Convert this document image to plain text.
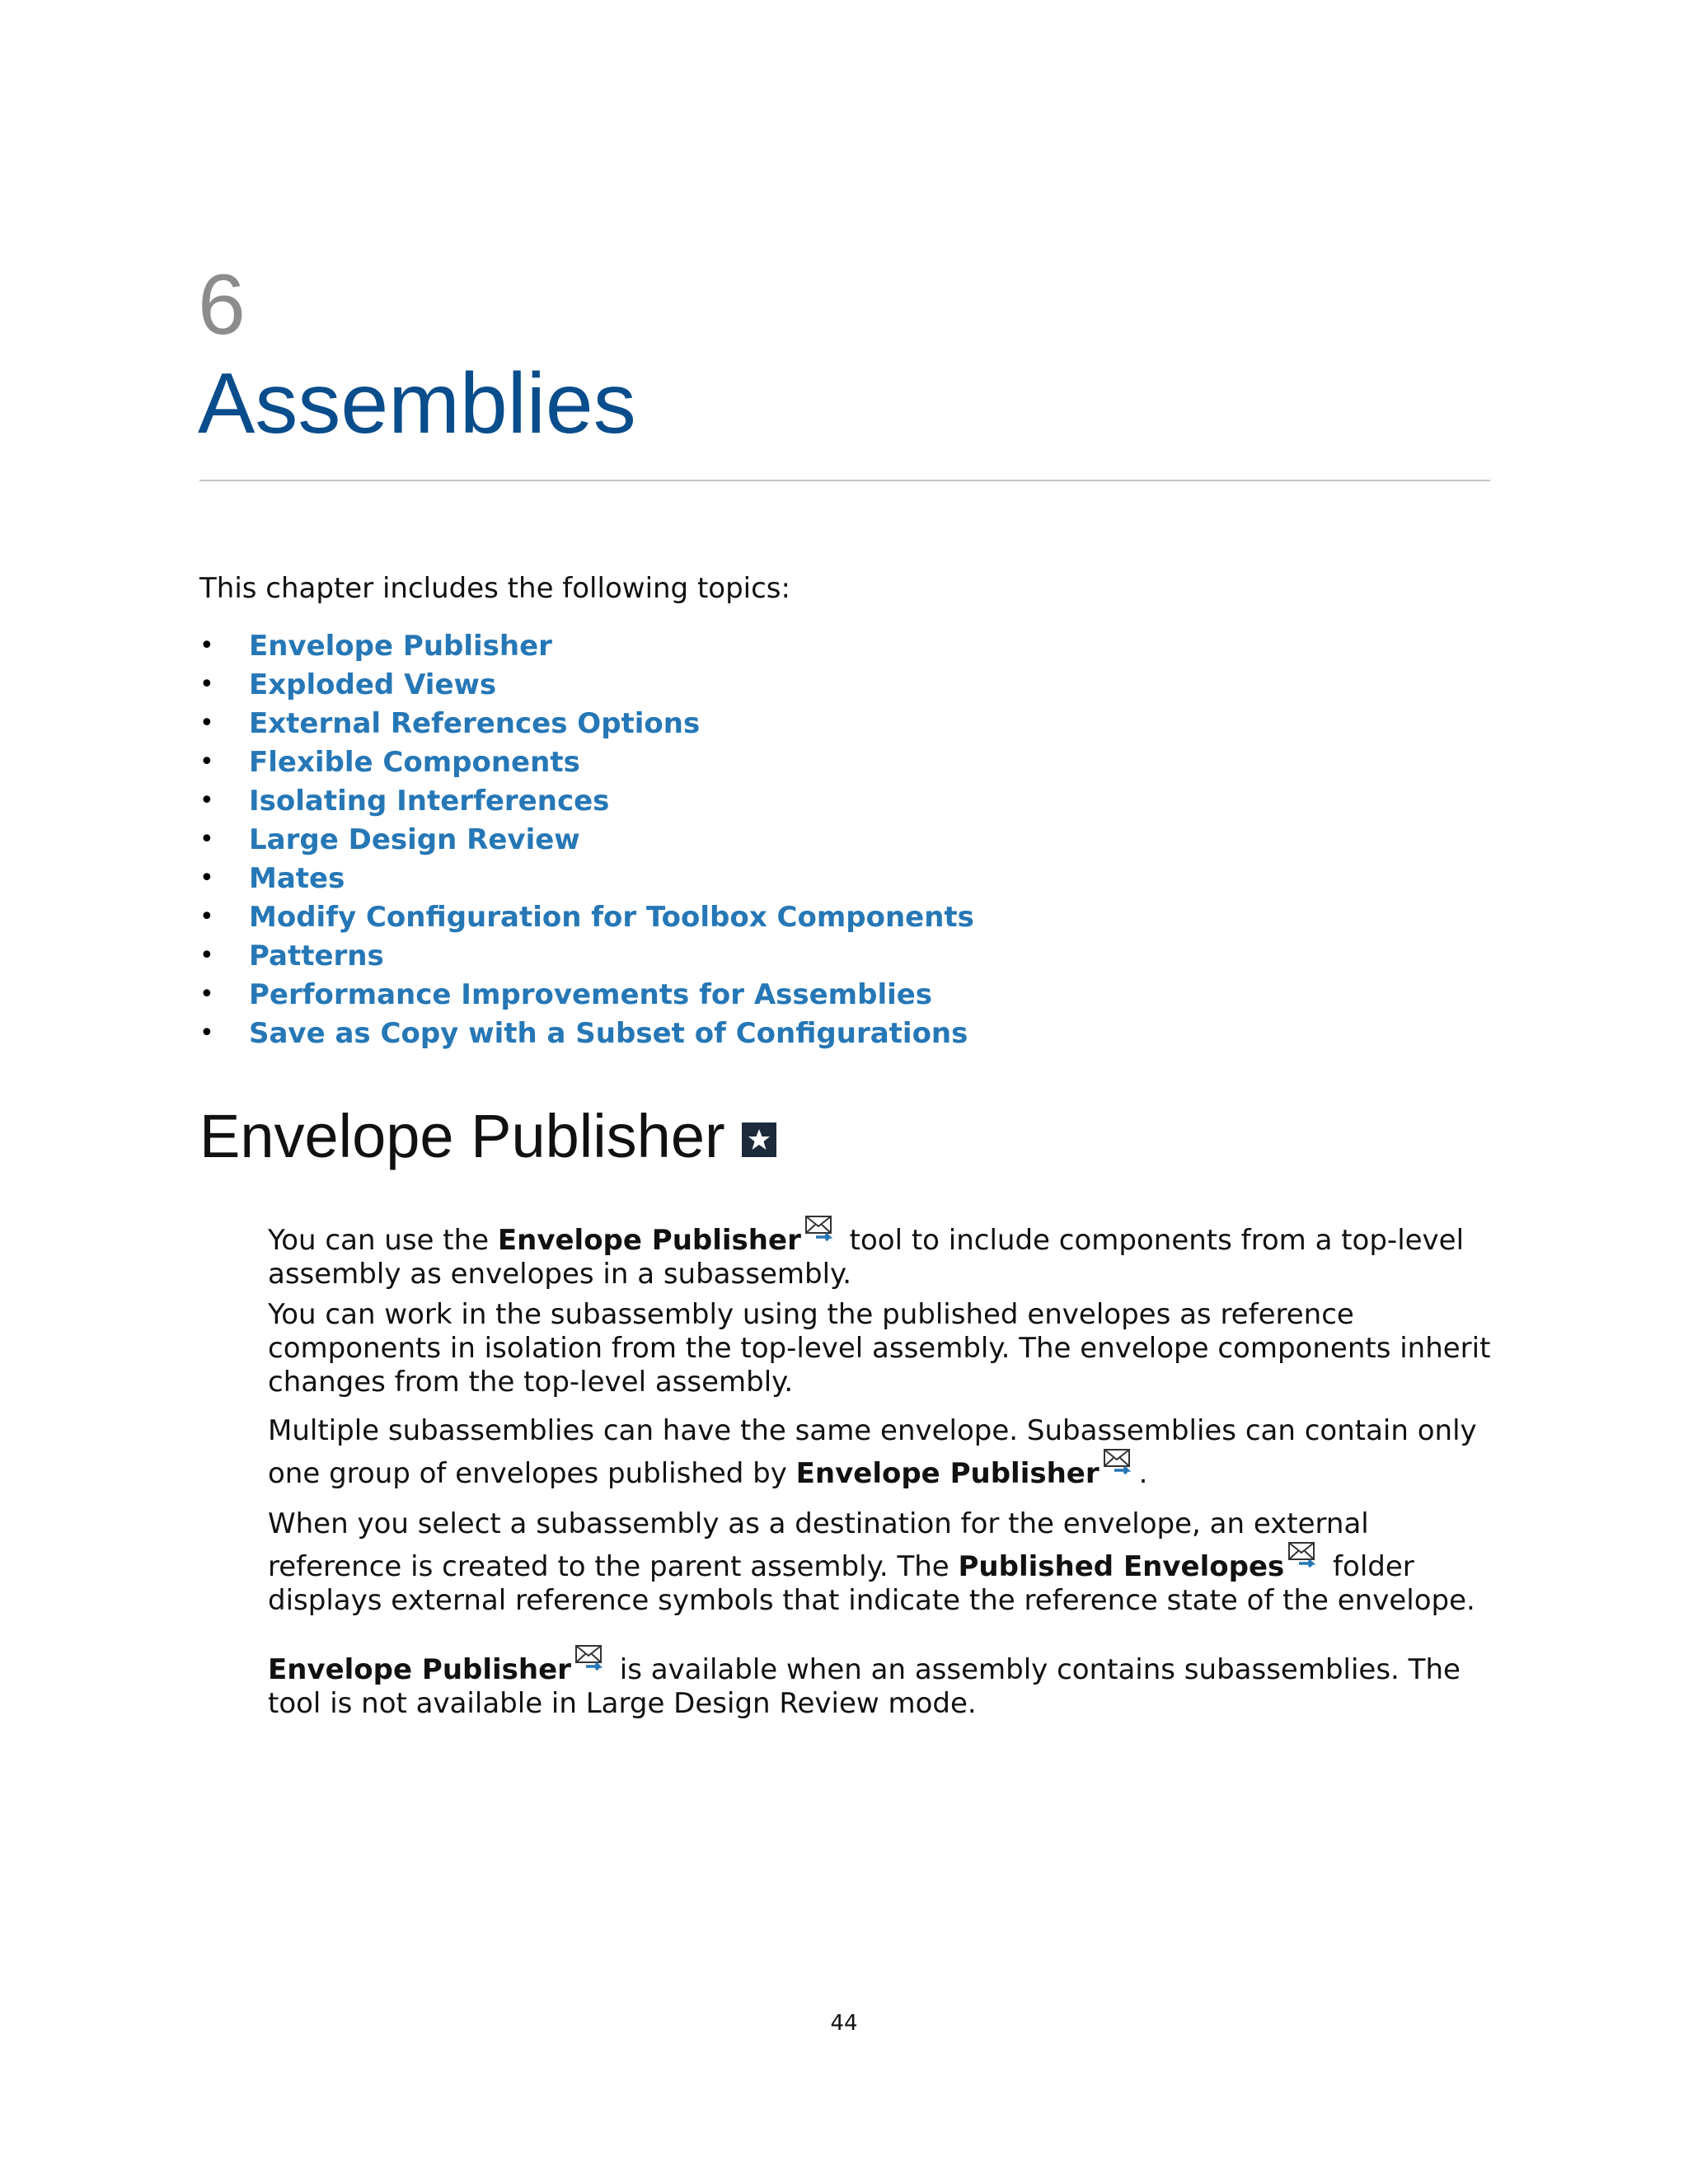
6
Assemblies
This chapter includes the following topics:
•	Envelope Publisher
•	Exploded Views
•	External References Options
•	Flexible Components
•	Isolating Interferences
•	Large Design Review
•	Mates
•	Modify Configuration for Toolbox Components
•	Patterns
•	Performance Improvements for Assemblies
•	Save as Copy with a Subset of Configurations
Envelope Publisher

You can use the Envelope Publisher tool to include components from a top-level assembly as envelopes in a subassembly.

You can work in the subassembly using the published envelopes as reference components in isolation from the top-level assembly. The envelope components inherit changes from the top-level assembly.

Multiple subassemblies can have the same envelope. Subassemblies can contain only one group of envelopes published by Envelope Publisher .

When you select a subassembly as a destination for the envelope, an external reference is created to the parent assembly. The Published Envelopes folder displays external reference symbols that indicate the reference state of the envelope.

Envelope Publisher is available when an assembly contains subassemblies. The tool is not available in Large Design Review mode.

44
